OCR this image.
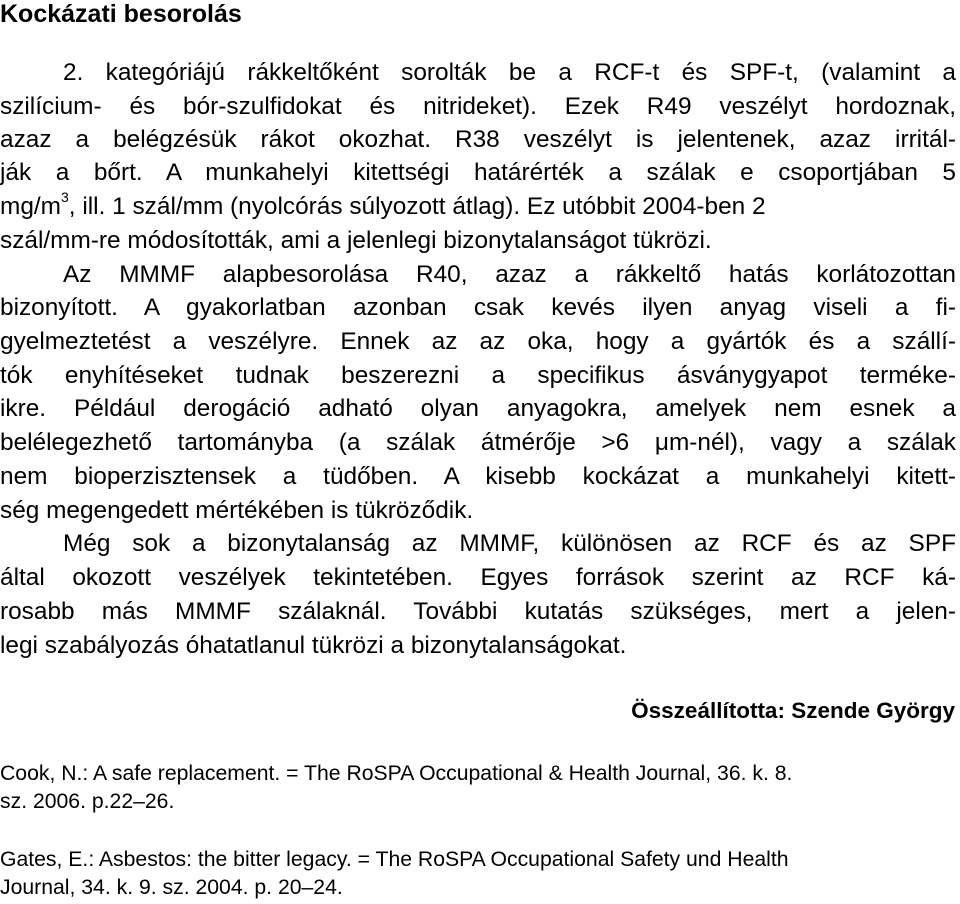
Kockázati besorolás
2. kategóriájú rákkeltőként sorolták be a RCF-t és SPF-t, (valamint a
szilícium- és bór-szulfidokat és nitrideket). Ezek R49 veszélyt hordoznak,
azaz a belégzésük rákot okozhat. R38 veszélyt is jelentenek, azaz irritál-
ják a bőrt. A munkahelyi kitettségi határérték a szálak e csoportjában 5
$mg/m^3$, ill. 1 szál/mm (nyolcórás súlyozott átlag). Ez utóbbit 2004-ben 2
szál/mm-re módosították, ami a jelenlegi bizonytalanságot tükrözi.
Az MMMF alapbesorolása R40, azaz a rákkeltő hatás korlátozottan
bizonyított. A gyakorlatban azonban csak kevés ilyen anyag viseli a fi-
gyelmeztetést a veszélyre. Ennek az az oka, hogy a gyártók és a szállí-
tók enyhítéseket tudnak beszerezni a specifikus ásványgyapot terméke-
ikre. Például derogáció adható olyan anyagokra, amelyek nem esnek a
belélegezhető tartományba (a szálak átmérője >6 μm-nél), vagy a szálak
nem bioperzisztensek a tüdőben. A kisebb kockázat a munkahelyi kitett-
ség megengedett mértékében is tükröződik.
Még sok a bizonytalanság az MMMF, különösen az RCF és az SPF
által okozott veszélyek tekintetében. Egyes források szerint az RCF ká-
rosabb más MMMF szálaknál. További kutatás szükséges, mert a jelen-
legi szabályozás óhatatlanul tükrözi a bizonytalanságokat.
Összeállította: Szende György
Cook, N.: A safe replacement. = The RoSPA Occupational & Health Journal, 36. k. 8.
sz. 2006. p.22–26.
Gates, E.: Asbestos: the bitter legacy. = The RoSPA Occupational Safety und Health
Journal, 34. k. 9. sz. 2004. p. 20–24.
